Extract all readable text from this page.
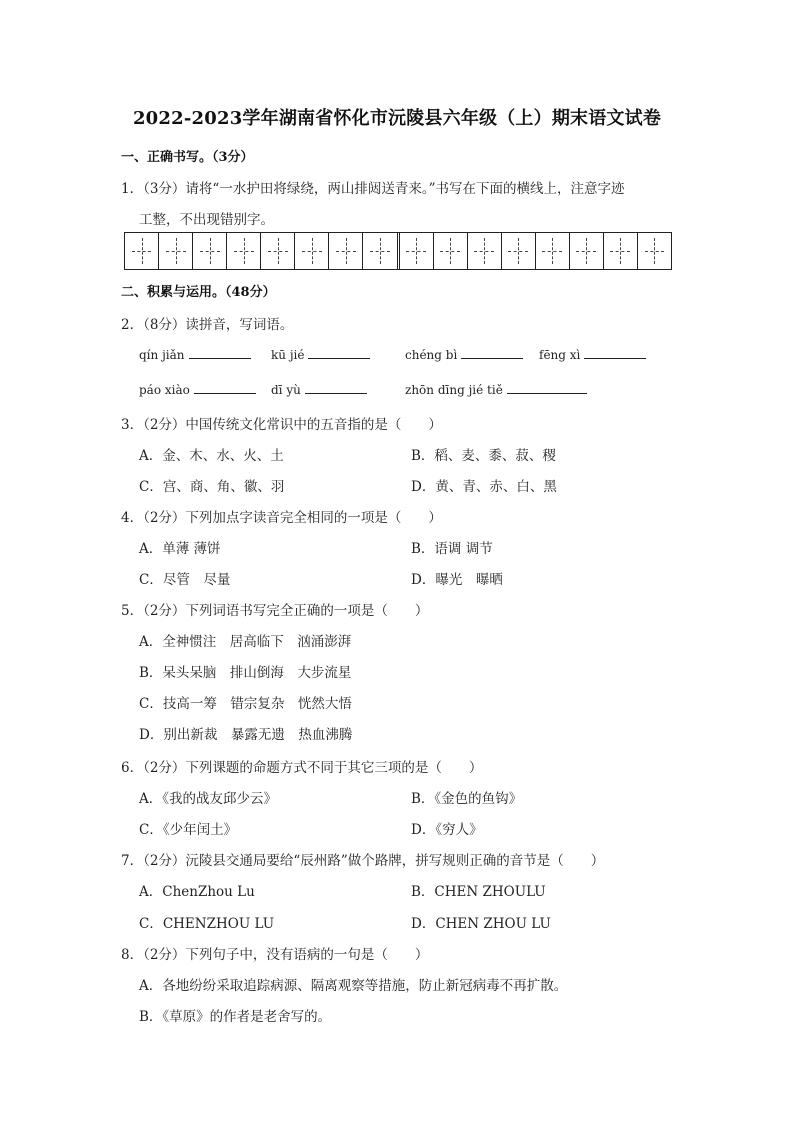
2022-2023学年湖南省怀化市沅陵县六年级（上）期末语文试卷
一、正确书写。（3分）
1．（3分）请将“一水护田将绿绕，两山排闼送青来。”书写在下面的横线上，注意字迹
工整，不出现错别字。
二、积累与运用。（48分）
2．（8分）读拼音，写词语。
qín jiǎn	kū jié	chéng bì	fēng xì
páo xiào	dī yù	zhōn dīng jié tiě
3．（2分）中国传统文化常识中的五音指的是（　　）
A．金、木、水、火、土	B．稻、麦、黍、菽、稷
C．宫、商、角、徽、羽	D．黄、青、赤、白、黑
4．（2分）下列加点字读音完全相同的一项是（　　）
A．单薄 薄饼	B．语调 调节
C．尽管　尽量	D．曝光　曝晒
5．（2分）下列词语书写完全正确的一项是（　　）
A．全神惯注　居高临下　汹涌澎湃
B．呆头呆脑　排山倒海　大步流星
C．技高一筹　错宗复杂　恍然大悟
D．别出新裁　暴露无遗　热血沸腾
6．（2分）下列课题的命题方式不同于其它三项的是（　　）
A．《我的战友邱少云》	B．《金色的鱼钩》
C．《少年闰土》	D．《穷人》
7．（2分）沅陵县交通局要给“辰州路”做个路牌，拼写规则正确的音节是（　　）
A．ChenZhou Lu	B．CHEN ZHOULU
C．CHENZHOU LU	D．CHEN ZHOU LU
8．（2分）下列句子中，没有语病的一句是（　　）
A．各地纷纷采取追踪病源、隔离观察等措施，防止新冠病毒不再扩散。
B．《草原》的作者是老舍写的。
